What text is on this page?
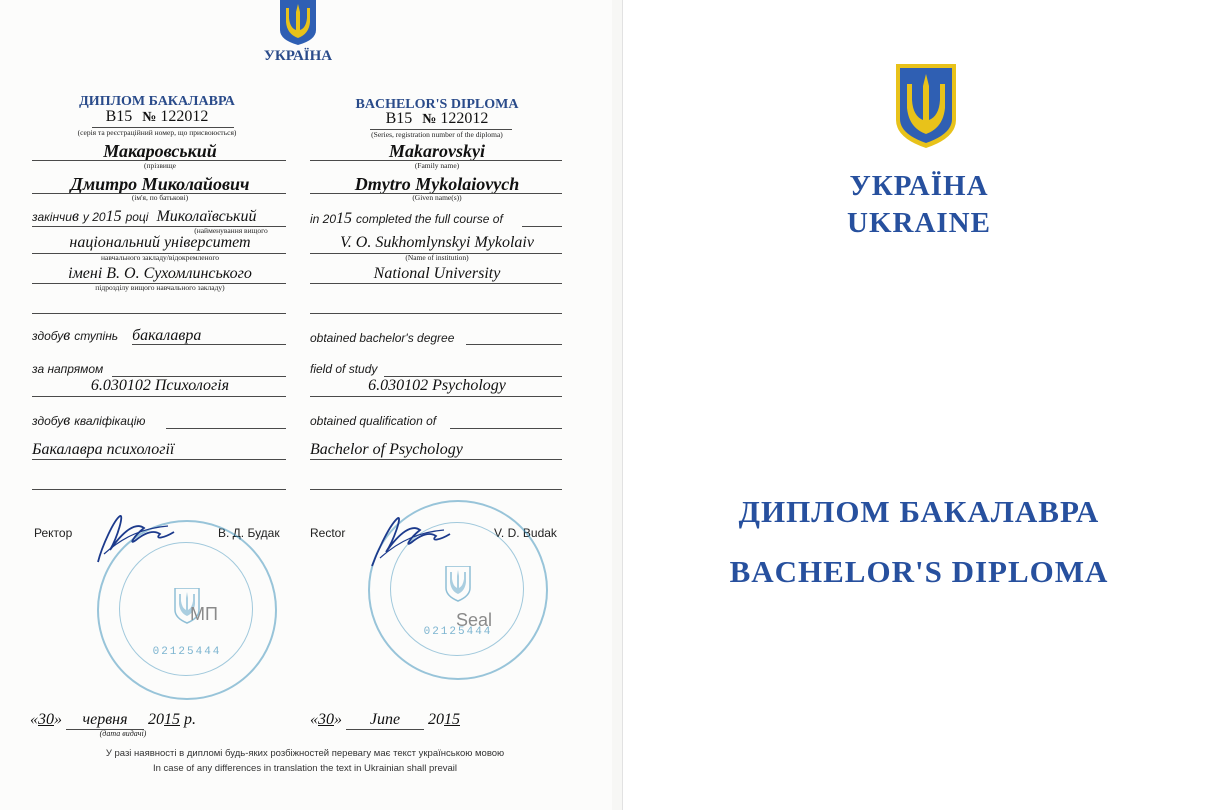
УКРАЇНА
ДИПЛОМ БАКАЛАВРА
В15 № 122012
(серія та реєстраційний номер, що присвоюється)
Макаровський
(прізвище
Дмитро Миколайович
(ім'я, по батькові)
закінчив у 2015 році Миколаївський
(найменування вищого
національний університет
навчального закладу/відокремленого
імені В. О. Сухомлинського
підрозділу вищого навчального закладу)
здобув ступінь бакалавра
за напрямом
6.030102 Психологія
здобув кваліфікацію
Бакалавра психології
Ректор	В. Д. Будак
02125444
МП
«30» червня 2015 р.
(дата видачі)
BACHELOR'S DIPLOMA
B15 № 122012
(Series, registration number of the diploma)
Makarovskyi
(Family name)
Dmytro Mykolaiovych
(Given name(s))
in 2015 completed the full course of
V. O. Sukhomlynskyi Mykolaiv
(Name of institution)
National University
obtained bachelor's degree
field of study
6.030102 Psychology
obtained qualification of
Bachelor of Psychology
Rector	V. D. Budak
02125444
Seal
«30» June 2015
У разі наявності в дипломі будь-яких розбіжностей перевагу має текст українською мовою
In case of any differences in translation the text in Ukrainian shall prevail
УКРАЇНА
UKRAINE
ДИПЛОМ БАКАЛАВРА
BACHELOR'S DIPLOMA
